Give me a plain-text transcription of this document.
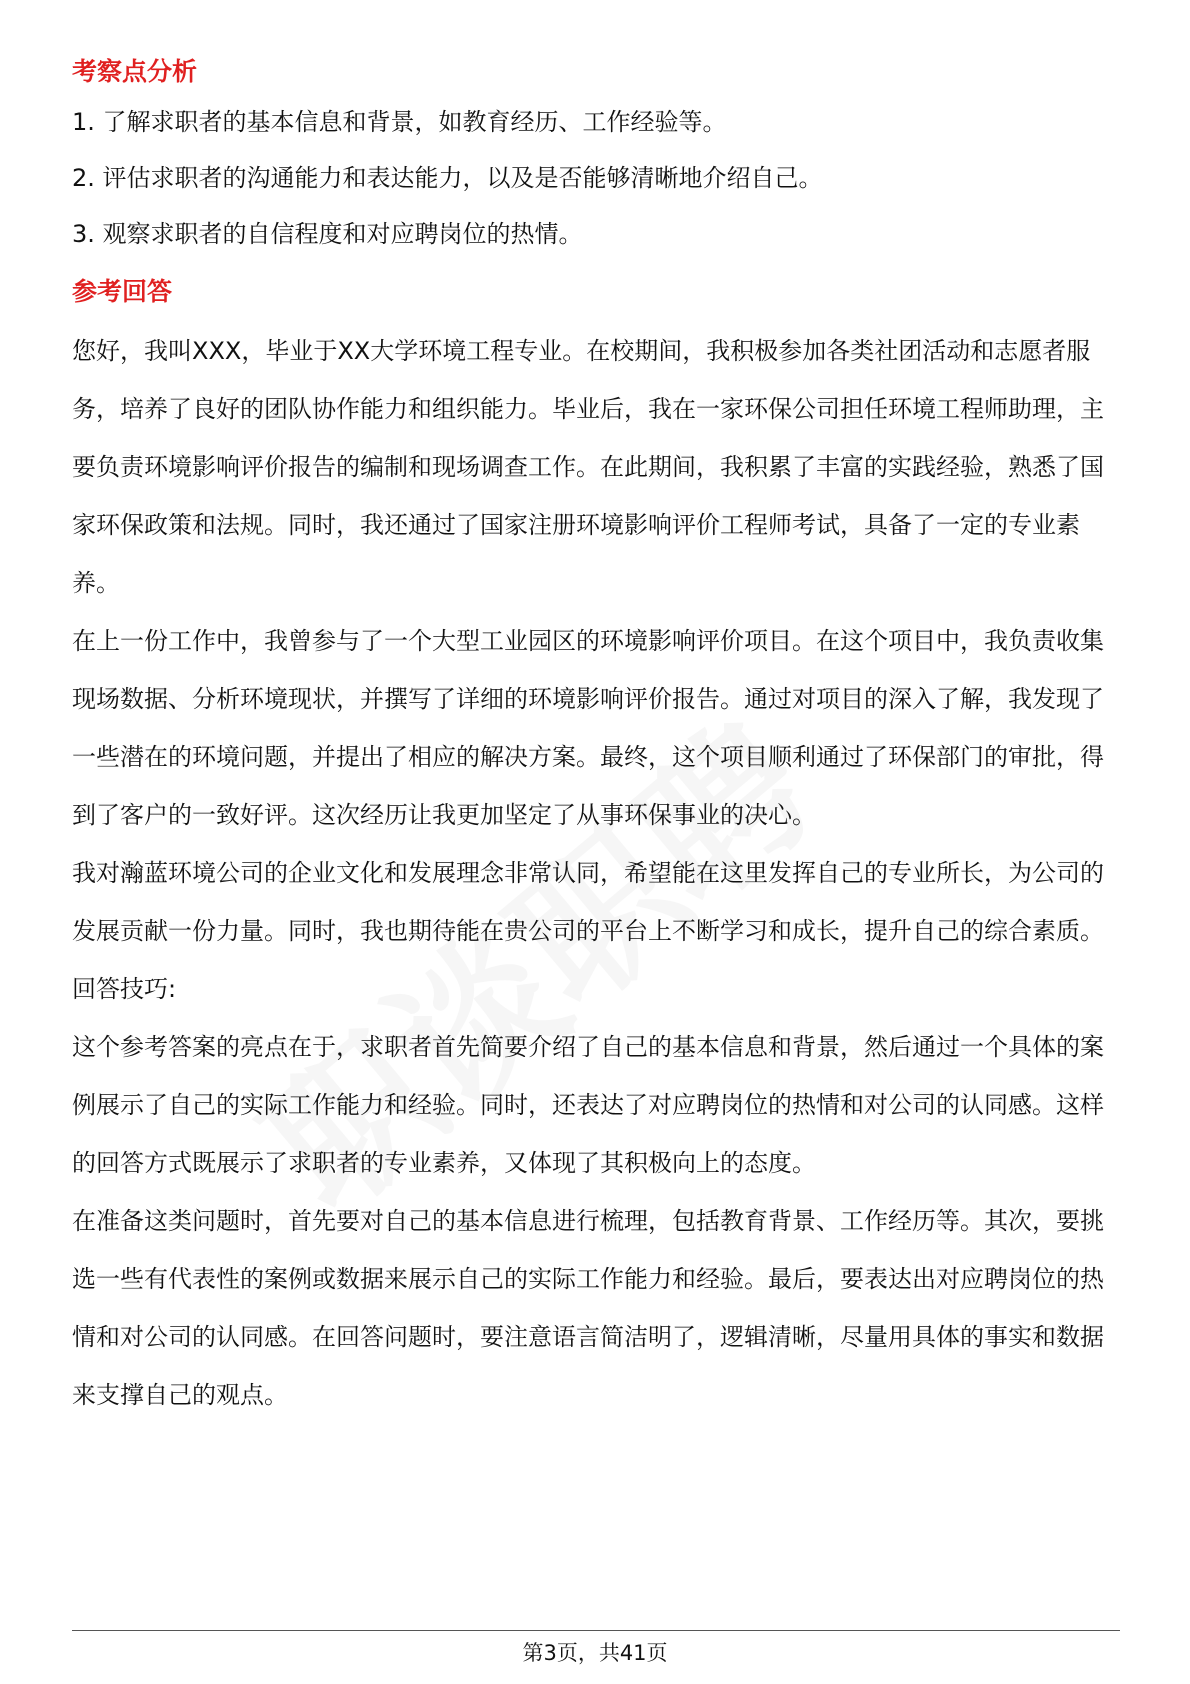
考察点分析

1. 了解求职者的基本信息和背景，如教育经历、工作经验等。

2. 评估求职者的沟通能力和表达能力，以及是否能够清晰地介绍自己。

3. 观察求职者的自信程度和对应聘岗位的热情。

参考回答

您好，我叫XXX，毕业于XX大学环境工程专业。在校期间，我积极参加各类社团活动和志愿者服务，培养了良好的团队协作能力和组织能力。毕业后，我在一家环保公司担任环境工程师助理，主要负责环境影响评价报告的编制和现场调查工作。在此期间，我积累了丰富的实践经验，熟悉了国家环保政策和法规。同时，我还通过了国家注册环境影响评价工程师考试，具备了一定的专业素养。

在上一份工作中，我曾参与了一个大型工业园区的环境影响评价项目。在这个项目中，我负责收集现场数据、分析环境现状，并撰写了详细的环境影响评价报告。通过对项目的深入了解，我发现了一些潜在的环境问题，并提出了相应的解决方案。最终，这个项目顺利通过了环保部门的审批，得到了客户的一致好评。这次经历让我更加坚定了从事环保事业的决心。

我对瀚蓝环境公司的企业文化和发展理念非常认同，希望能在这里发挥自己的专业所长，为公司的发展贡献一份力量。同时，我也期待能在贵公司的平台上不断学习和成长，提升自己的综合素质。

回答技巧:

这个参考答案的亮点在于，求职者首先简要介绍了自己的基本信息和背景，然后通过一个具体的案例展示了自己的实际工作能力和经验。同时，还表达了对应聘岗位的热情和对公司的认同感。这样的回答方式既展示了求职者的专业素养，又体现了其积极向上的态度。

在准备这类问题时，首先要对自己的基本信息进行梳理，包括教育背景、工作经历等。其次，要挑选一些有代表性的案例或数据来展示自己的实际工作能力和经验。最后，要表达出对应聘岗位的热情和对公司的认同感。在回答问题时，要注意语言简洁明了，逻辑清晰，尽量用具体的事实和数据来支撑自己的观点。

第3页，共41页
